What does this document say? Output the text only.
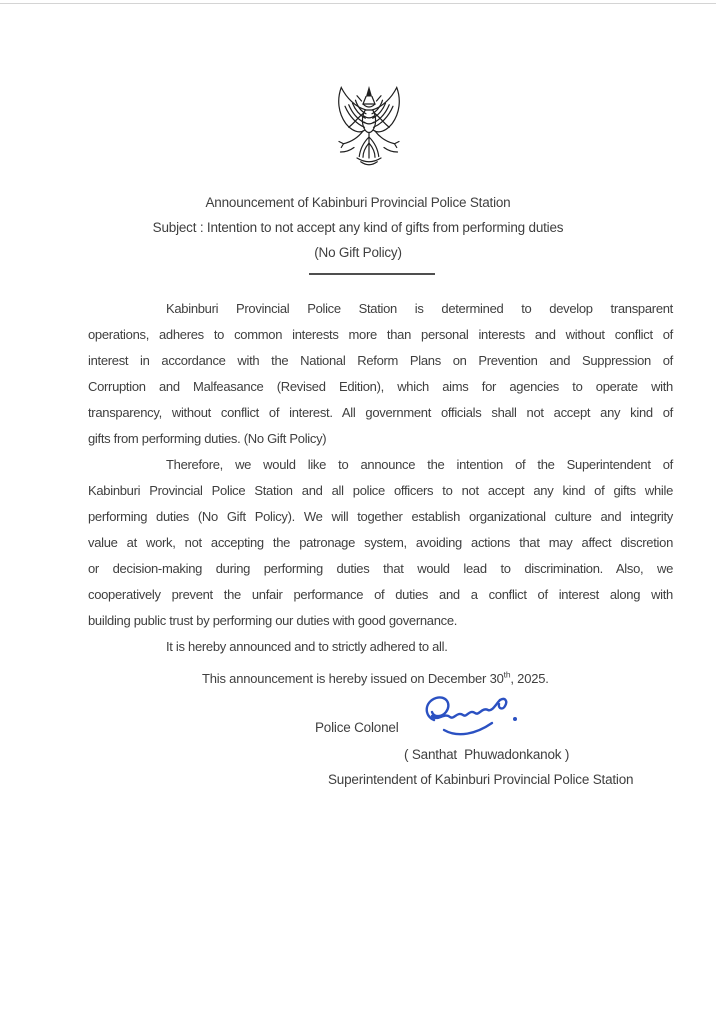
Announcement of Kabinburi Provincial Police Station
Subject : Intention to not accept any kind of gifts from performing duties
(No Gift Policy)
Kabinburi Provincial Police Station is determined to develop transparent
operations, adheres to common interests more than personal interests and without conflict of
interest in accordance with the National Reform Plans on Prevention and Suppression of
Corruption and Malfeasance (Revised Edition), which aims for agencies to operate with
transparency, without conflict of interest. All government officials shall not accept any kind of
gifts from performing duties. (No Gift Policy)
Therefore, we would like to announce the intention of the Superintendent of
Kabinburi Provincial Police Station and all police officers to not accept any kind of gifts while
performing duties (No Gift Policy). We will together establish organizational culture and integrity
value at work, not accepting the patronage system, avoiding actions that may affect discretion
or decision-making during performing duties that would lead to discrimination. Also, we
cooperatively prevent the unfair performance of duties and a conflict of interest along with
building public trust by performing our duties with good governance.
It is hereby announced and to strictly adhered to all.
This announcement is hereby issued on December 30th, 2025.
Police Colonel
( Santhat  Phuwadonkanok )
Superintendent of Kabinburi Provincial Police Station
